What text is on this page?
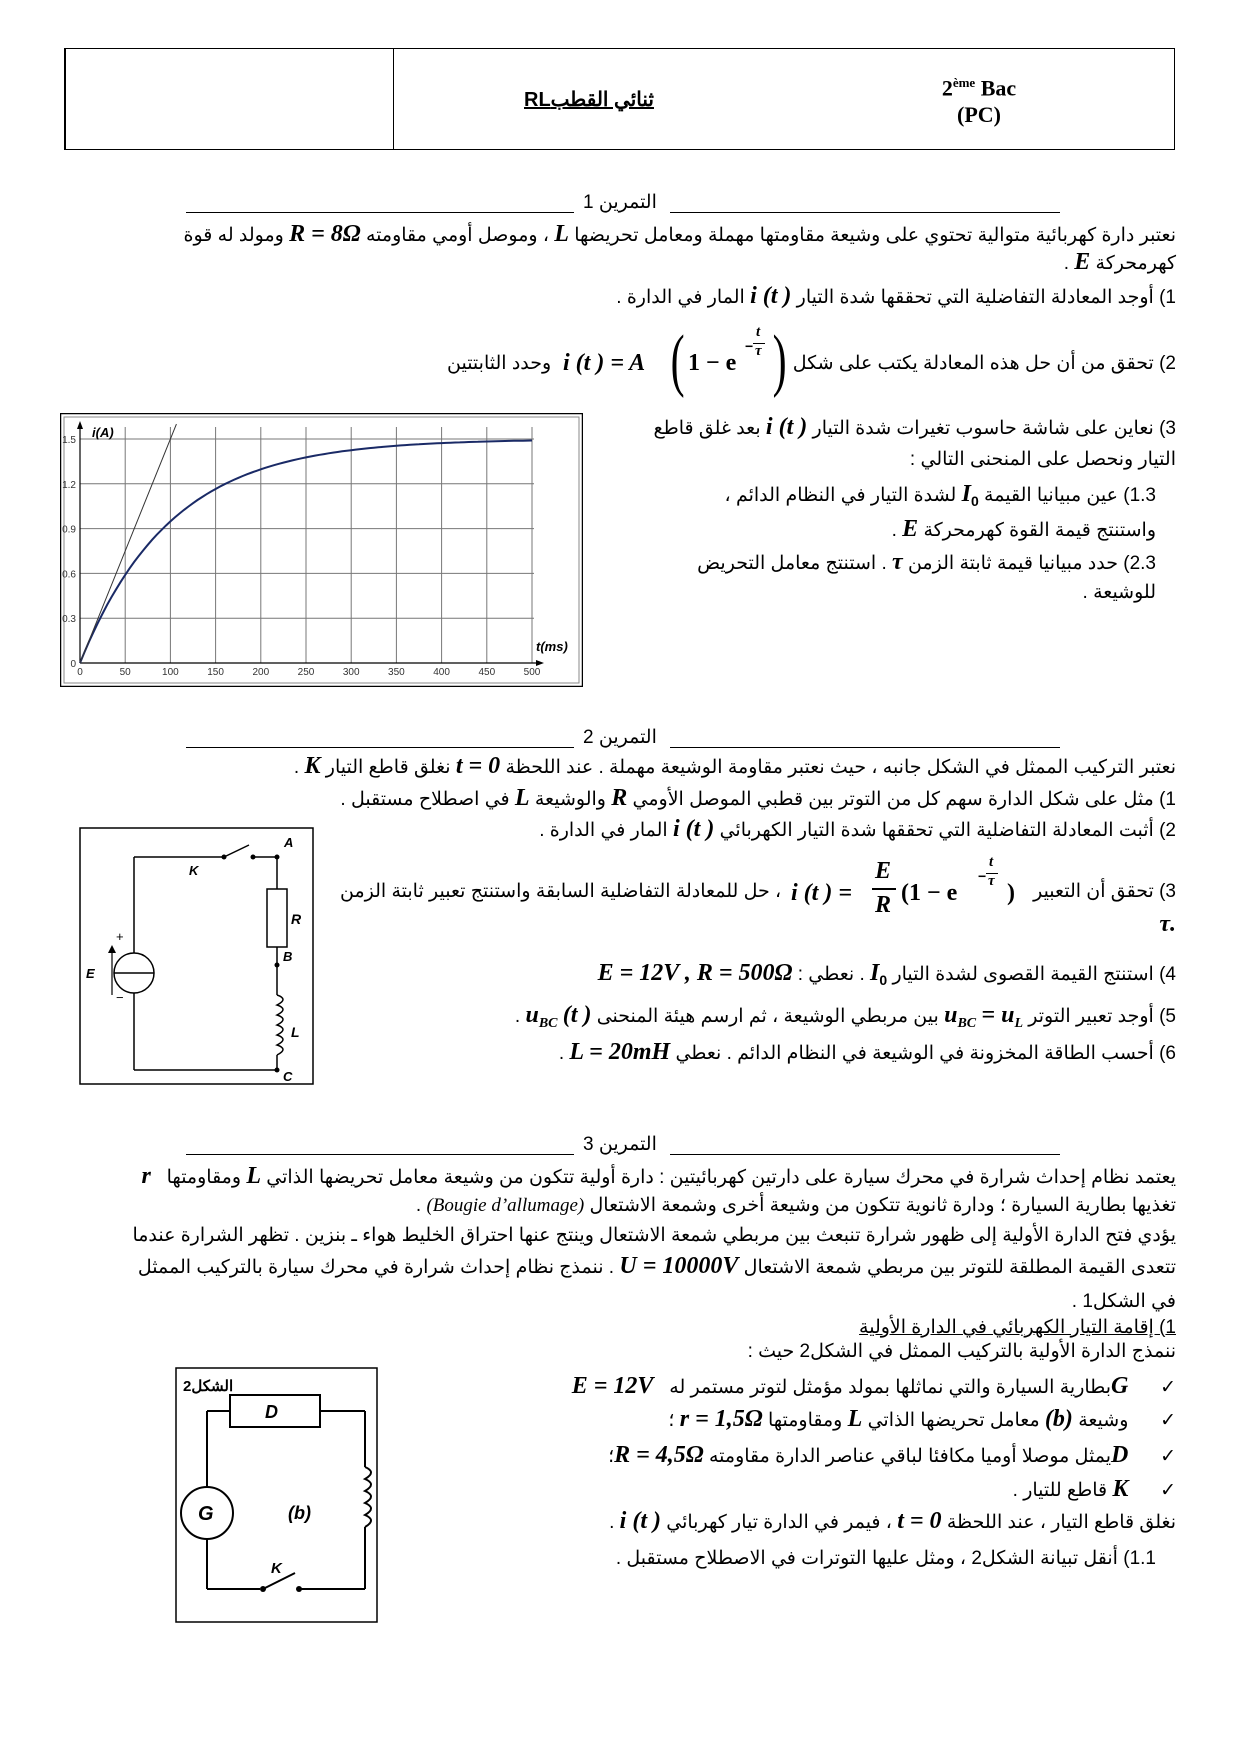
2ème Bac
(PC)
ثنائي القطبRL
التمرين 1
نعتبر دارة كهربائية متوالية تحتوي على وشيعة مقاومتها مهملة ومعامل تحريضها L ، وموصل أومي مقاومته R = 8Ω ومولد له قوة
كهرمحركة E .
1) أوجد المعادلة التفاضلية التي تحققها شدة التيار ( i (t المار في الدارة .
2) تحقق من أن حل هذه المعادلة يكتب على شكل
i (t ) = A ( 1 − e
−
t
τ )
وحدد الثابتتين
3) نعاين على شاشة حاسوب تغيرات شدة التيار ( i (t بعد غلق قاطع
التيار ونحصل على المنحنى التالي :
1.3) عين مبيانيا القيمة $I_0$ لشدة التيار في النظام الدائم ،
واستنتج قيمة القوة كهرمحركة E .
2.3) حدد مبيانيا قيمة ثابتة الزمن τ . استنتج معامل التحريض
للوشيعة .
0	50	100	150	200	250	300	350	400	450	500
0
0.3
0.6
0.9
1.2
1.5
i(A)
t(ms)
التمرين 2
نعتبر التركيب الممثل في الشكل جانبه ، حيث نعتبر مقاومة الوشيعة مهملة . عند اللحظة t = 0 نغلق قاطع التيار K .
1) مثل على شكل الدارة سهم كل من التوتر بين قطبي الموصل الأومي R والوشيعة L في اصطلاح مستقبل .
2) أثبت المعادلة التفاضلية التي تحققها شدة التيار الكهربائي ( i (t المار في الدارة .
3) تحقق أن التعبير
i (t ) =
E
R (1 − e
−
t
τ )
، حل للمعادلة التفاضلية السابقة واستنتج تعبير ثابتة الزمن
.τ
4) استنتج القيمة القصوى لشدة التيار $I_0$ . نعطي : E = 12V , R = 500Ω
5) أوجد تعبير التوتر $u_{BC} = u_L$ بين مربطي الوشيعة ، ثم ارسم هيئة المنحنى $u_{BC}$ (t ) .
6) أحسب الطاقة المخزونة في الوشيعة في النظام الدائم . نعطي L = 20mH .
+
−
E
K
R
L
A
B
C
التمرين 3
يعتمد نظام إحداث شرارة في محرك سيارة على دارتين كهربائيتين : دارة أولية تتكون من وشيعة معامل تحريضها الذاتي L ومقاومتها   r
تغذيها بطارية السيارة ؛ ودارة ثانوية تتكون من وشيعة أخرى وشمعة الاشتعال (Bougie d’allumage) .
يؤدي فتح الدارة الأولية إلى ظهور شرارة تنبعث بين مربطي شمعة الاشتعال وينتج عنها احتراق الخليط هواء ـ بنزين . تظهر الشرارة عندما
تتعدى القيمة المطلقة للتوتر بين مربطي شمعة الاشتعال U = 10000V . ننمذج نظام إحداث شرارة في محرك سيارة بالتركيب الممثل
في الشكل1 .
1) إقامة التيار الكهربائي في الدارة الأولية
ننمذج الدارة الأولية بالتركيب الممثل في الشكل2 حيث :
✓      Gبطارية السيارة والتي نماثلها بمولد مؤمثل لتوتر مستمر له   E = 12V
✓      وشيعة (b) معامل تحريضها الذاتي L ومقاومتها r = 1,5Ω ؛
✓      Dيمثل موصلا أوميا مكافئا لباقي عناصر الدارة مقاومته R = 4,5Ω؛
✓      K قاطع للتيار .
نغلق قاطع التيار ، عند اللحظة t = 0 ، فيمر في الدارة تيار كهربائي ( i (t .
1.1) أنقل تبيانة الشكل2 ، ومثل عليها التوترات في الاصطلاح مستقبل .
الشكل2
D
G
K
(b)
